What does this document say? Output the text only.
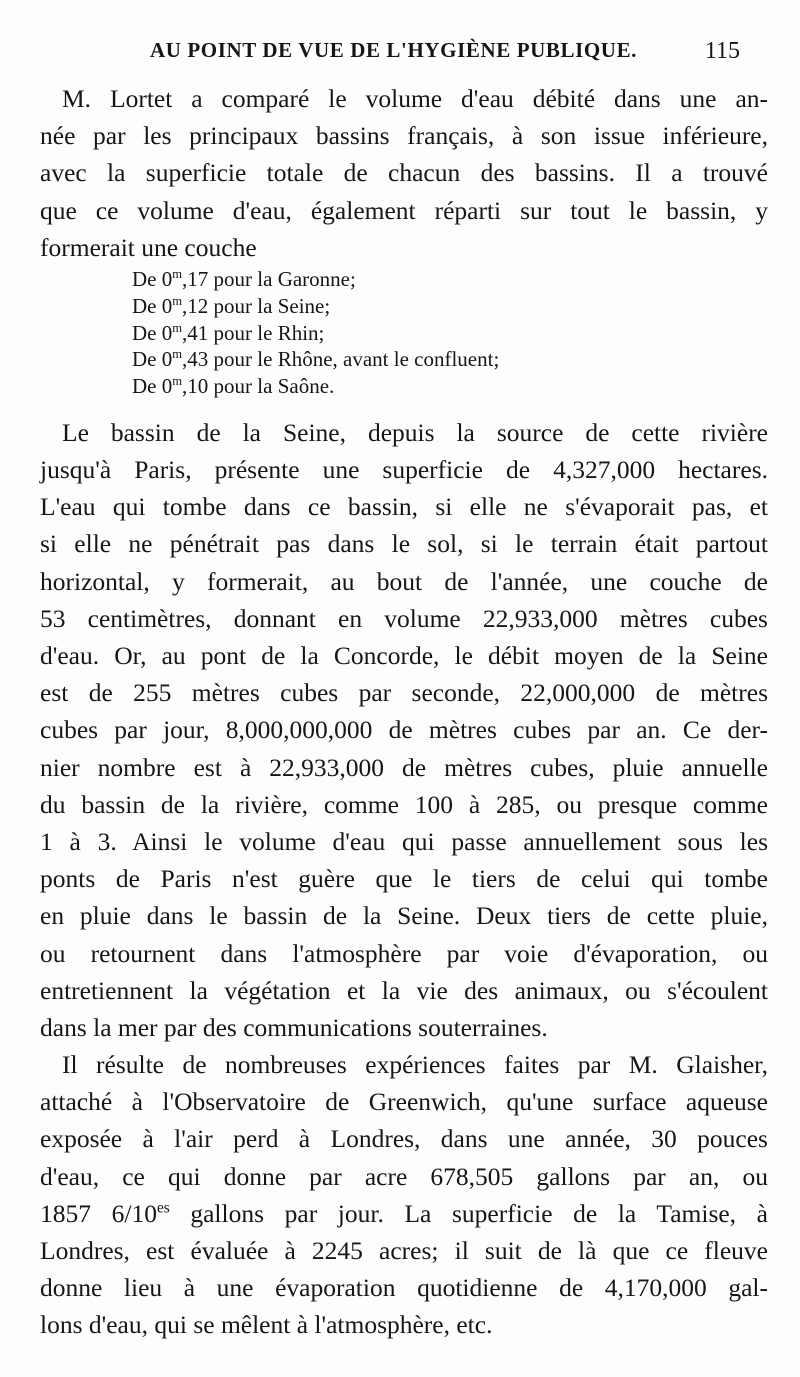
AU POINT DE VUE DE L'HYGIÈNE PUBLIQUE.	115
M. Lortet a comparé le volume d'eau débité dans une an-
née par les principaux bassins français, à son issue inférieure,
avec la superficie totale de chacun des bassins. Il a trouvé
que ce volume d'eau, également réparti sur tout le bassin, y
formerait une couche
De 0$^m$,17 pour la Garonne;
De 0$^m$,12 pour la Seine;
De 0$^m$,41 pour le Rhin;
De 0$^m$,43 pour le Rhône, avant le confluent;
De 0$^m$,10 pour la Saône.
Le bassin de la Seine, depuis la source de cette rivière
jusqu'à Paris, présente une superficie de 4,327,000 hectares.
L'eau qui tombe dans ce bassin, si elle ne s'évaporait pas, et
si elle ne pénétrait pas dans le sol, si le terrain était partout
horizontal, y formerait, au bout de l'année, une couche de
53 centimètres, donnant en volume 22,933,000 mètres cubes
d'eau. Or, au pont de la Concorde, le débit moyen de la Seine
est de 255 mètres cubes par seconde, 22,000,000 de mètres
cubes par jour, 8,000,000,000 de mètres cubes par an. Ce der-
nier nombre est à 22,933,000 de mètres cubes, pluie annuelle
du bassin de la rivière, comme 100 à 285, ou presque comme
1 à 3. Ainsi le volume d'eau qui passe annuellement sous les
ponts de Paris n'est guère que le tiers de celui qui tombe
en pluie dans le bassin de la Seine. Deux tiers de cette pluie,
ou retournent dans l'atmosphère par voie d'évaporation, ou
entretiennent la végétation et la vie des animaux, ou s'écoulent
dans la mer par des communications souterraines.
Il résulte de nombreuses expériences faites par M. Glaisher,
attaché à l'Observatoire de Greenwich, qu'une surface aqueuse
exposée à l'air perd à Londres, dans une année, 30 pouces
d'eau, ce qui donne par acre 678,505 gallons par an, ou
1857 $6/10^{es}$ gallons par jour. La superficie de la Tamise, à
Londres, est évaluée à 2245 acres; il suit de là que ce fleuve
donne lieu à une évaporation quotidienne de 4,170,000 gal-
lons d'eau, qui se mêlent à l'atmosphère, etc.
